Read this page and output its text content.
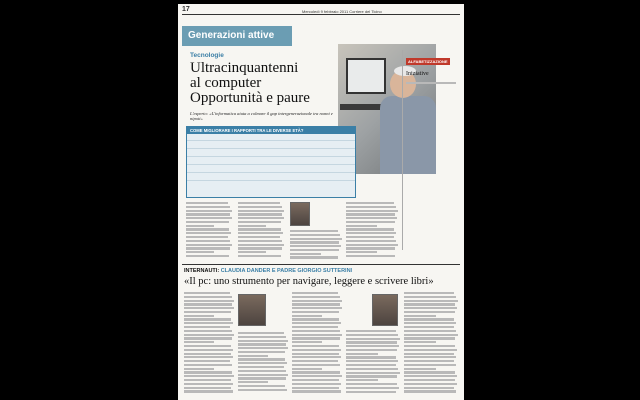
17	Mercoledì 9 febbraio 2011 Corriere del Ticino
Generazioni attive
Tecnologie
Ultracinquantenni
al computer
Opportunità e paure
L'esperto: «L'informatica aiuta a colmare il gap intergenerazionale tra nonni e nipoti»
COME MIGLIORARE I RAPPORTI TRA LE DIVERSE ETÀ?
ALFABETIZZAZIONE
Iniziative
INTERNAUTI: CLAUDIA DANDER E PADRE GIORGIO SUTTERINI
«Il pc: uno strumento per navigare, leggere e scrivere libri»
